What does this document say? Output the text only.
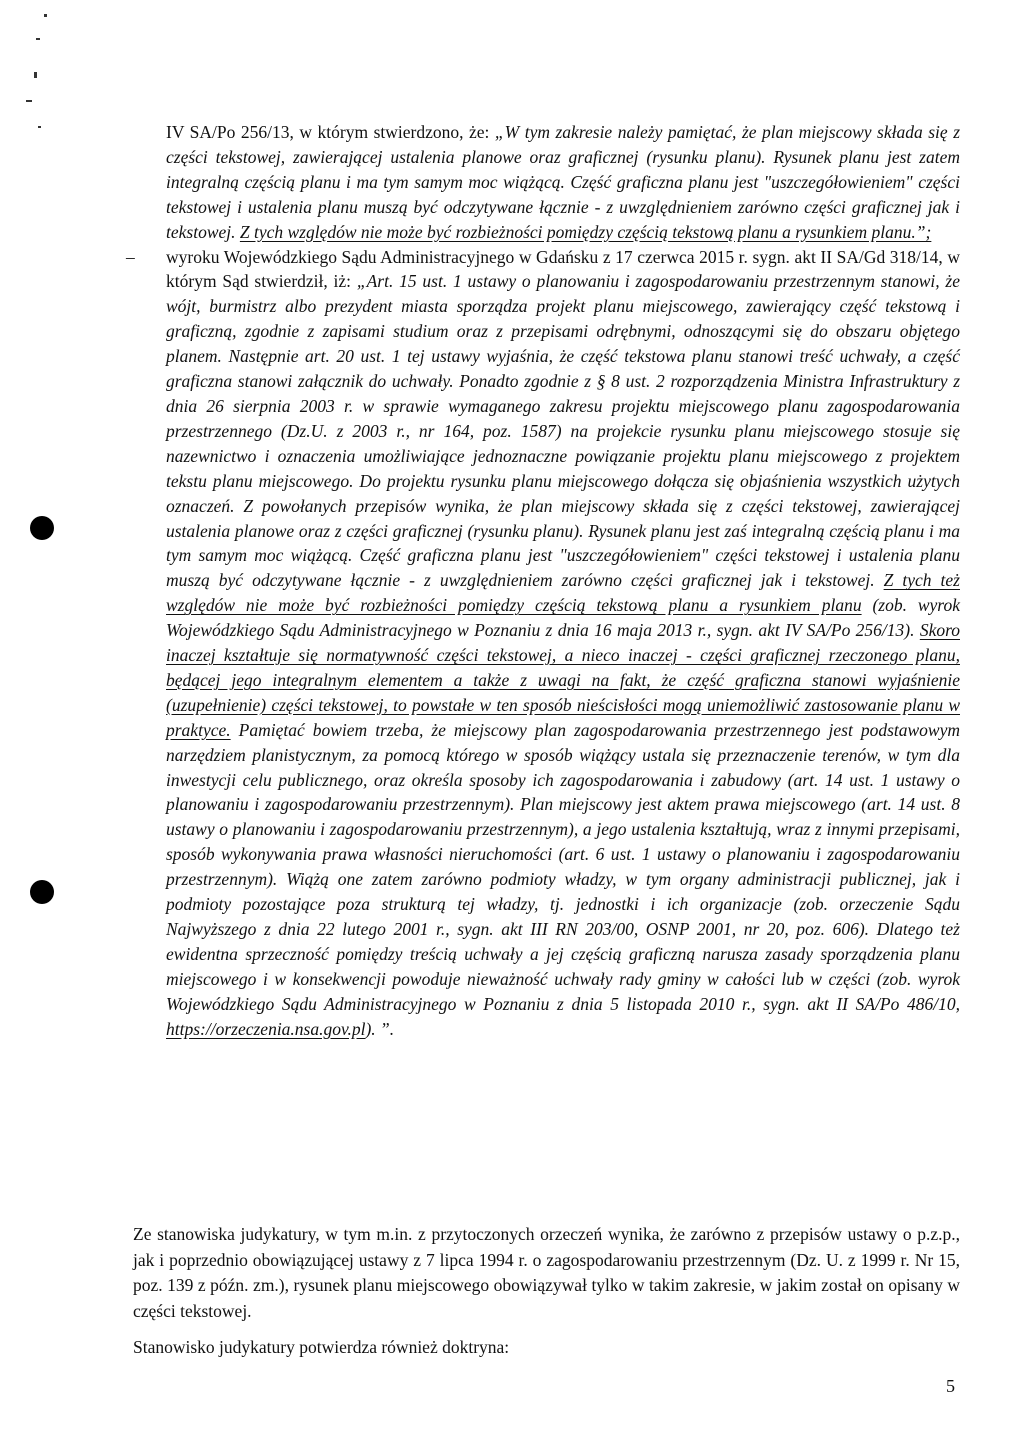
IV SA/Po 256/13, w którym stwierdzono, że: „W tym zakresie należy pamiętać, że plan miejscowy składa się z części tekstowej, zawierającej ustalenia planowe oraz graficznej (rysunku planu). Rysunek planu jest zatem integralną częścią planu i ma tym samym moc wiążącą. Część graficzna planu jest "uszczegółowieniem" części tekstowej i ustalenia planu muszą być odczytywane łącznie - z uwzględnieniem zarówno części graficznej jak i tekstowej. Z tych względów nie może być rozbieżności pomiędzy częścią tekstową planu a rysunkiem planu.”;

– wyroku Wojewódzkiego Sądu Administracyjnego w Gdańsku z 17 czerwca 2015 r. sygn. akt II SA/Gd 318/14, w którym Sąd stwierdził, iż: „Art. 15 ust. 1 ustawy o planowaniu i zagospodarowaniu przestrzennym stanowi, że wójt, burmistrz albo prezydent miasta sporządza projekt planu miejscowego, zawierający część tekstową i graficzną, zgodnie z zapisami studium oraz z przepisami odrębnymi, odnoszącymi się do obszaru objętego planem. Następnie art. 20 ust. 1 tej ustawy wyjaśnia, że część tekstowa planu stanowi treść uchwały, a część graficzna stanowi załącznik do uchwały. Ponadto zgodnie z § 8 ust. 2 rozporządzenia Ministra Infrastruktury z dnia 26 sierpnia 2003 r. w sprawie wymaganego zakresu projektu miejscowego planu zagospodarowania przestrzennego (Dz.U. z 2003 r., nr 164, poz. 1587) na projekcie rysunku planu miejscowego stosuje się nazewnictwo i oznaczenia umożliwiające jednoznaczne powiązanie projektu planu miejscowego z projektem tekstu planu miejscowego. Do projektu rysunku planu miejscowego dołącza się objaśnienia wszystkich użytych oznaczeń. Z powołanych przepisów wynika, że plan miejscowy składa się z części tekstowej, zawierającej ustalenia planowe oraz z części graficznej (rysunku planu). Rysunek planu jest zaś integralną częścią planu i ma tym samym moc wiążącą. Część graficzna planu jest "uszczegółowieniem" części tekstowej i ustalenia planu muszą być odczytywane łącznie - z uwzględnieniem zarówno części graficznej jak i tekstowej. Z tych też względów nie może być rozbieżności pomiędzy częścią tekstową planu a rysunkiem planu (zob. wyrok Wojewódzkiego Sądu Administracyjnego w Poznaniu z dnia 16 maja 2013 r., sygn. akt IV SA/Po 256/13). Skoro inaczej kształtuje się normatywność części tekstowej, a nieco inaczej - części graficznej rzeczonego planu, będącej jego integralnym elementem a także z uwagi na fakt, że część graficzna stanowi wyjaśnienie (uzupełnienie) części tekstowej, to powstałe w ten sposób nieścisłości mogą uniemożliwić zastosowanie planu w praktyce. Pamiętać bowiem trzeba, że miejscowy plan zagospodarowania przestrzennego jest podstawowym narzędziem planistycznym, za pomocą którego w sposób wiążący ustala się przeznaczenie terenów, w tym dla inwestycji celu publicznego, oraz określa sposoby ich zagospodarowania i zabudowy (art. 14 ust. 1 ustawy o planowaniu i zagospodarowaniu przestrzennym). Plan miejscowy jest aktem prawa miejscowego (art. 14 ust. 8 ustawy o planowaniu i zagospodarowaniu przestrzennym), a jego ustalenia kształtują, wraz z innymi przepisami, sposób wykonywania prawa własności nieruchomości (art. 6 ust. 1 ustawy o planowaniu i zagospodarowaniu przestrzennym). Wiążą one zatem zarówno podmioty władzy, w tym organy administracji publicznej, jak i podmioty pozostające poza strukturą tej władzy, tj. jednostki i ich organizacje (zob. orzeczenie Sądu Najwyższego z dnia 22 lutego 2001 r., sygn. akt III RN 203/00, OSNP 2001, nr 20, poz. 606). Dlatego też ewidentna sprzeczność pomiędzy treścią uchwały a jej częścią graficzną narusza zasady sporządzenia planu miejscowego i w konsekwencji powoduje nieważność uchwały rady gminy w całości lub w części (zob. wyrok Wojewódzkiego Sądu Administracyjnego w Poznaniu z dnia 5 listopada 2010 r., sygn. akt II SA/Po 486/10, https://orzeczenia.nsa.gov.pl). ”.

Ze stanowiska judykatury, w tym m.in. z przytoczonych orzeczeń wynika, że zarówno z przepisów ustawy o p.z.p., jak i poprzednio obowiązującej ustawy z 7 lipca 1994 r. o zagospodarowaniu przestrzennym (Dz. U. z 1999 r. Nr 15, poz. 139 z późn. zm.), rysunek planu miejscowego obowiązywał tylko w takim zakresie, w jakim został on opisany w części tekstowej.

Stanowisko judykatury potwierdza również doktryna:

5
